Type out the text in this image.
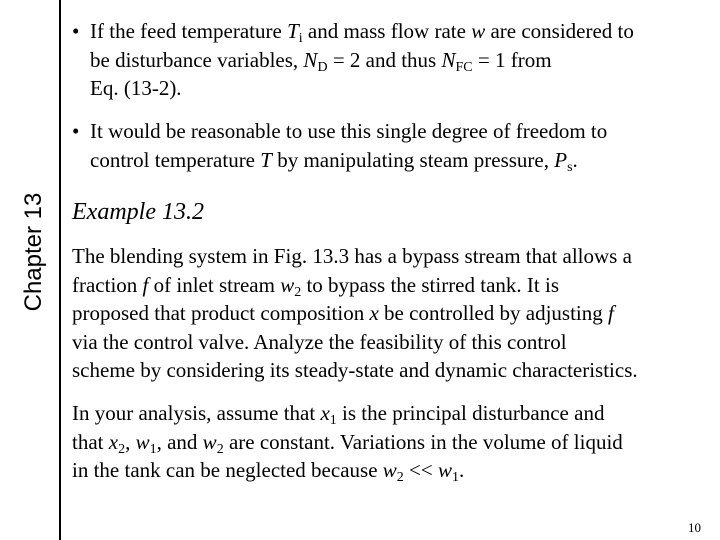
Chapter 13
• If the feed temperature $T_i$ and mass flow rate w are considered to
be disturbance variables, $N_D = 2$ and thus $N_{FC} = 1$ from
Eq. (13-2).
• It would be reasonable to use this single degree of freedom to
control temperature T by manipulating steam pressure, $P_s$.
Example 13.2
The blending system in Fig. 13.3 has a bypass stream that allows a
fraction f of inlet stream $w_2$ to bypass the stirred tank. It is
proposed that product composition x be controlled by adjusting f
via the control valve. Analyze the feasibility of this control
scheme by considering its steady-state and dynamic characteristics.
In your analysis, assume that $x_1$ is the principal disturbance and
that $x_2$, $w_1$, and $w_2$ are constant. Variations in the volume of liquid
in the tank can be neglected because $w_2 << w_1$.
10
